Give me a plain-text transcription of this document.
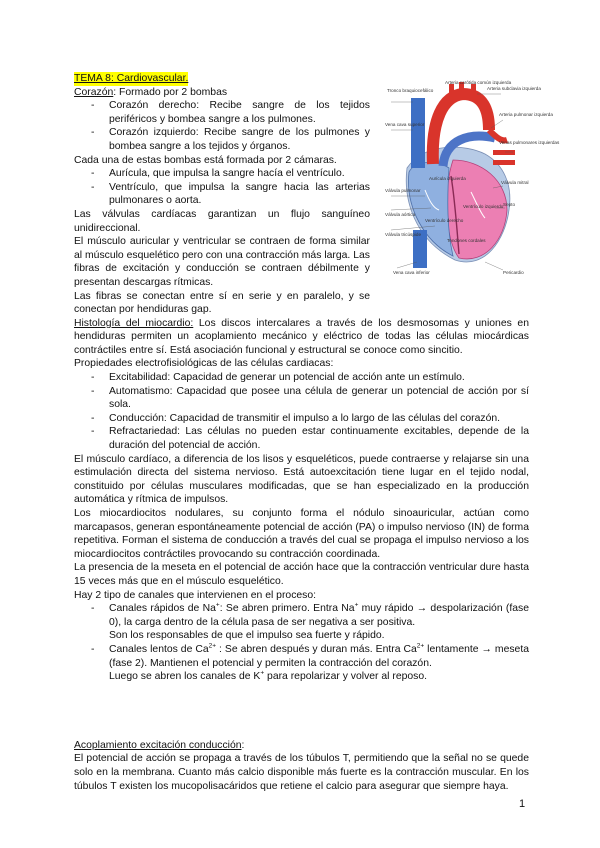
TEMA 8: Cardiovascular.

Corazón: Formado por 2 bombas

- Corazón derecho: Recibe sangre de los tejidos periféricos y bombea sangre a los pulmones.
- Corazón izquierdo: Recibe sangre de los pulmones y bombea sangre a los tejidos y órganos.

Cada una de estas bombas está formada por 2 cámaras.

- Aurícula, que impulsa la sangre hacía el ventrículo.
- Ventrículo, que impulsa la sangre hacia las arterias pulmonares o aorta.

Las válvulas cardíacas garantizan un flujo sanguíneo unidireccional.

El músculo auricular y ventricular se contraen de forma similar al músculo esquelético pero con una contracción más larga. Las fibras de excitación y conducción se contraen débilmente y presentan descargas rítmicas.

Las fibras se conectan entre sí en serie y en paralelo, y se conectan por hendiduras gap.

Histología del miocardio: Los discos intercalares a través de los desmosomas y uniones en hendiduras permiten un acoplamiento mecánico y eléctrico de todas las células miocárdicas contráctiles entre sí. Está asociación funcional y estructural se conoce como sincitio.

Propiedades electrofisiológicas de las células cardiacas:

- Excitabilidad: Capacidad de generar un potencial de acción ante un estímulo.
- Automatismo: Capacidad que posee una célula de generar un potencial de acción por sí sola.
- Conducción: Capacidad de transmitir el impulso a lo largo de las células del corazón.
- Refractariedad: Las células no pueden estar continuamente excitables, depende de la duración del potencial de acción.

El músculo cardíaco, a diferencia de los lisos y esqueléticos, puede contraerse y relajarse sin una estimulación directa del sistema nervioso. Está autoexcitación tiene lugar en el tejido nodal, constituido por células musculares modificadas, que se han especializado en la producción automática y rítmica de impulsos.

Los miocardiocitos nodulares, su conjunto forma el nódulo sinoauricular, actúan como marcapasos, generan espontáneamente potencial de acción (PA) o impulso nervioso (IN) de forma repetitiva. Forman el sistema de conducción a través del cual se propaga el impulso nervioso a los miocardiocitos contráctiles provocando su contracción coordinada.

La presencia de la meseta en el potencial de acción hace que la contracción ventricular dure hasta 15 veces más que en el músculo esquelético.

Hay 2 tipo de canales que intervienen en el proceso:

- Canales rápidos de Na+: Se abren primero. Entra Na+ muy rápido → despolarización (fase 0), la carga dentro de la célula pasa de ser negativa a ser positiva.

Son los responsables de que el impulso sea fuerte y rápido.

- Canales lentos de $Ca^{2+}$ : Se abren después y duran más. Entra $Ca^{2+}$ lentamente → meseta (fase 2). Mantienen el potencial y permiten la contracción del corazón.

Luego se abren los canales de K+ para repolarizar y volver al reposo.

Acoplamiento excitación conducción:

El potencial de acción se propaga a través de los túbulos T, permitiendo que la señal no se quede solo en la membrana. Cuanto más calcio disponible más fuerte es la contracción muscular. En los túbulos T existen los mucopolisacáridos que retiene el calcio para asegurar que siempre haya.

Arteria carótida común izquierda
Tronco braquiocefálico	Arteria subclavia izquierda
Vena cava superior
Arteria pulmonar izquierda
Venas pulmonares izquierdas
Válvula pulmonar
Aurícula izquierda
Válvula aórtica
Válvula mitral
Ventrículo izquierdo
Válvula tricúspide
Ventrículo derecho
Tendones cordales
Septo
Vena cava inferior	Pericardio
1
